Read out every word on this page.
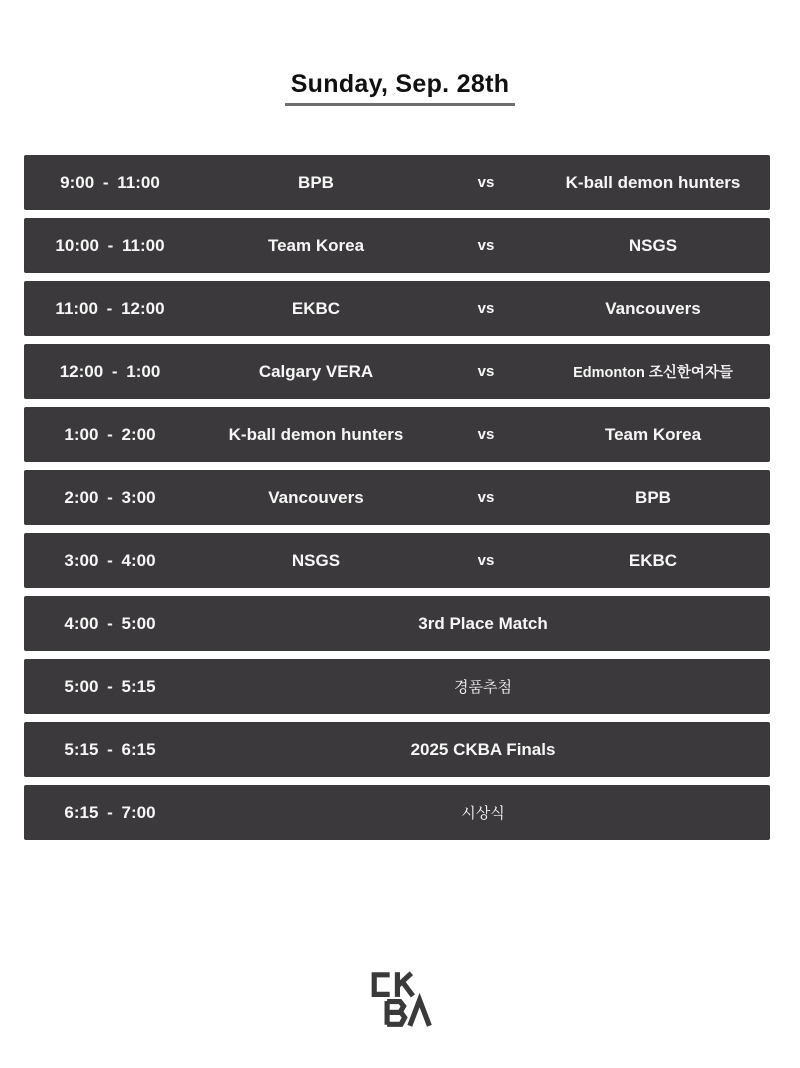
Sunday, Sep. 28th
9:00 - 11:00	BPB	vs	K-ball demon hunters
10:00 - 11:00	Team Korea	vs	NSGS
11:00 - 12:00	EKBC	vs	Vancouvers
12:00 - 1:00	Calgary VERA	vs	Edmonton 조신한여자들
1:00 - 2:00	K-ball demon hunters	vs	Team Korea
2:00 - 3:00	Vancouvers	vs	BPB
3:00 - 4:00	NSGS	vs	EKBC
4:00 - 5:00	3rd Place Match
5:00 - 5:15	경품추첨
5:15 - 6:15	2025 CKBA Finals
6:15 - 7:00	시상식
